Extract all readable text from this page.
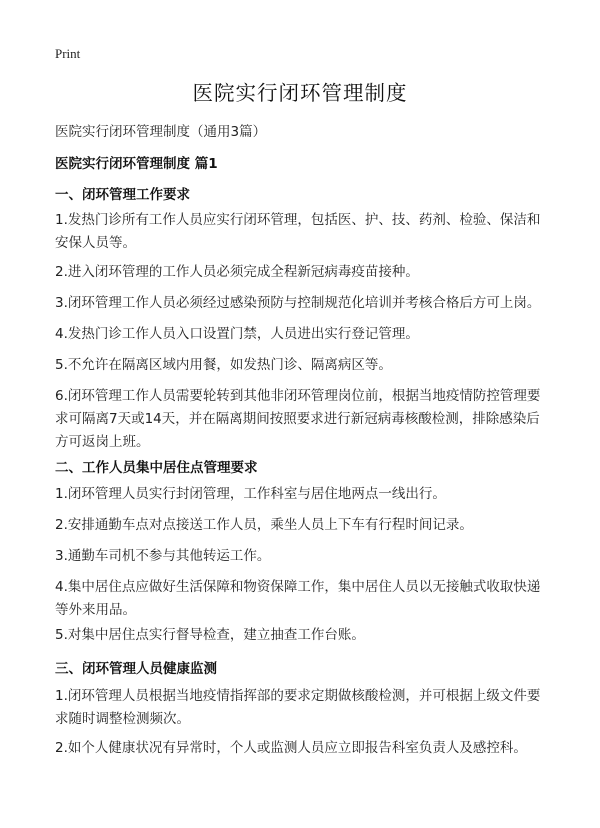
Print
医院实行闭环管理制度
医院实行闭环管理制度（通用3篇）
医院实行闭环管理制度 篇1
一、闭环管理工作要求
1.发热门诊所有工作人员应实行闭环管理，包括医、护、技、药剂、检验、保洁和安保人员等。
2.进入闭环管理的工作人员必须完成全程新冠病毒疫苗接种。
3.闭环管理工作人员必须经过感染预防与控制规范化培训并考核合格后方可上岗。
4.发热门诊工作人员入口设置门禁，人员进出实行登记管理。
5.不允许在隔离区域内用餐，如发热门诊、隔离病区等。
6.闭环管理工作人员需要轮转到其他非闭环管理岗位前，根据当地疫情防控管理要求可隔离7天或14天，并在隔离期间按照要求进行新冠病毒核酸检测，排除感染后方可返岗上班。
二、工作人员集中居住点管理要求
1.闭环管理人员实行封闭管理，工作科室与居住地两点一线出行。
2.安排通勤车点对点接送工作人员，乘坐人员上下车有行程时间记录。
3.通勤车司机不参与其他转运工作。
4.集中居住点应做好生活保障和物资保障工作，集中居住人员以无接触式收取快递等外来用品。
5.对集中居住点实行督导检查，建立抽查工作台账。
三、闭环管理人员健康监测
1.闭环管理人员根据当地疫情指挥部的要求定期做核酸检测，并可根据上级文件要求随时调整检测频次。
2.如个人健康状况有异常时，个人或监测人员应立即报告科室负责人及感控科。
